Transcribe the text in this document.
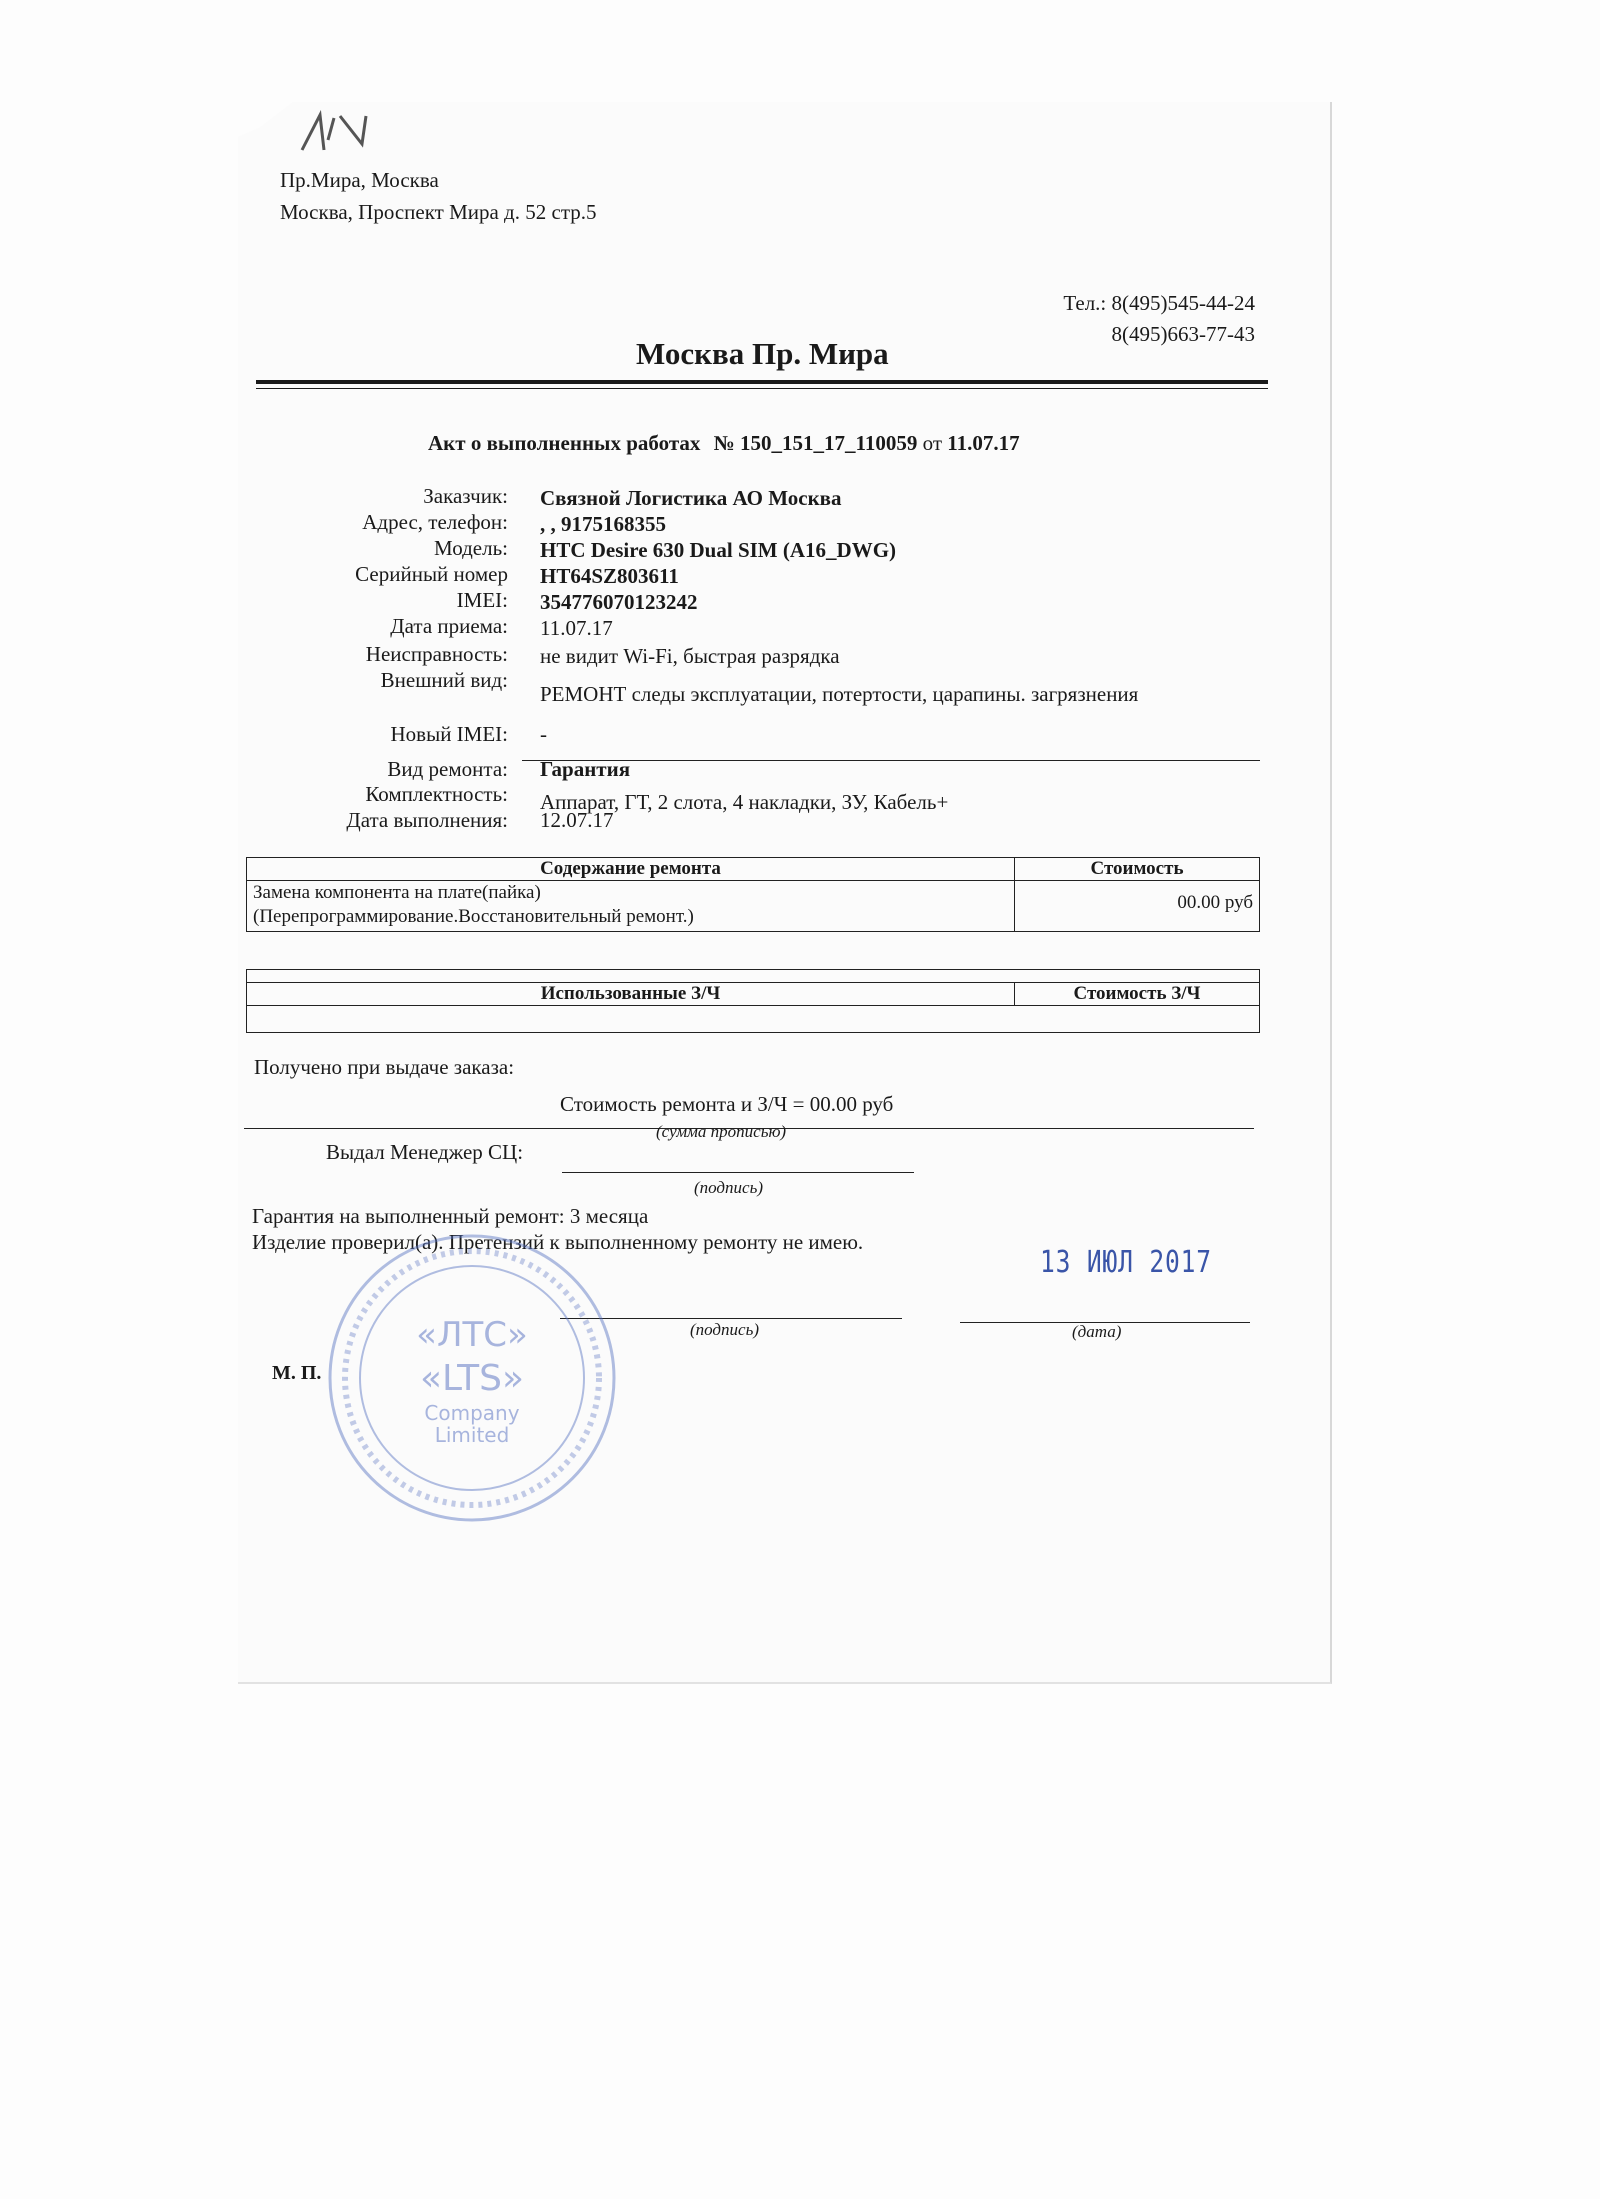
Пр.Мира, Москва
Москва, Проспект Мира д. 52 стр.5
Тел.: 8(495)545-44-24
8(495)663-77-43
Москва Пр. Мира
Акт о выполненных работах № 150_151_17_110059 от 11.07.17
Заказчик: Связной Логистика АО Москва
Адрес, телефон: , , 9175168355
Модель: HTC Desire 630 Dual SIM (A16_DWG)
Серийный номер HT64SZ803611
IMEI: 354776070123242
Дата приема: 11.07.17
Неисправность: не видит Wi-Fi, быстрая разрядка
Внешний вид:
РЕМОНТ следы эксплуатации, потертости, царапины. загрязнения
Новый IMEI: -
Вид ремонта: Гарантия
Комплектность: Аппарат, ГТ, 2 слота, 4 накладки, ЗУ, Кабель+
Дата выполнения: 12.07.17
Содержание ремонта	Стоимость

Замена компонента на плате(пайка)
(Перепрограммирование.Восстановительный ремонт.)	00.00 руб

Использованные З/Ч	Стоимость З/Ч

Получено при выдаче заказа:
Стоимость ремонта и З/Ч = 00.00 руб
(сумма прописью)
Выдал Менеджер СЦ:
(подпись)
Гарантия на выполненный ремонт: 3 месяца
Изделие проверил(а). Претензий к выполненному ремонту не имею.
(подпись)	(дата)
М. П.
13 ИЮЛ 2017
«ЛТС»
«LTS»
Company
Limited
